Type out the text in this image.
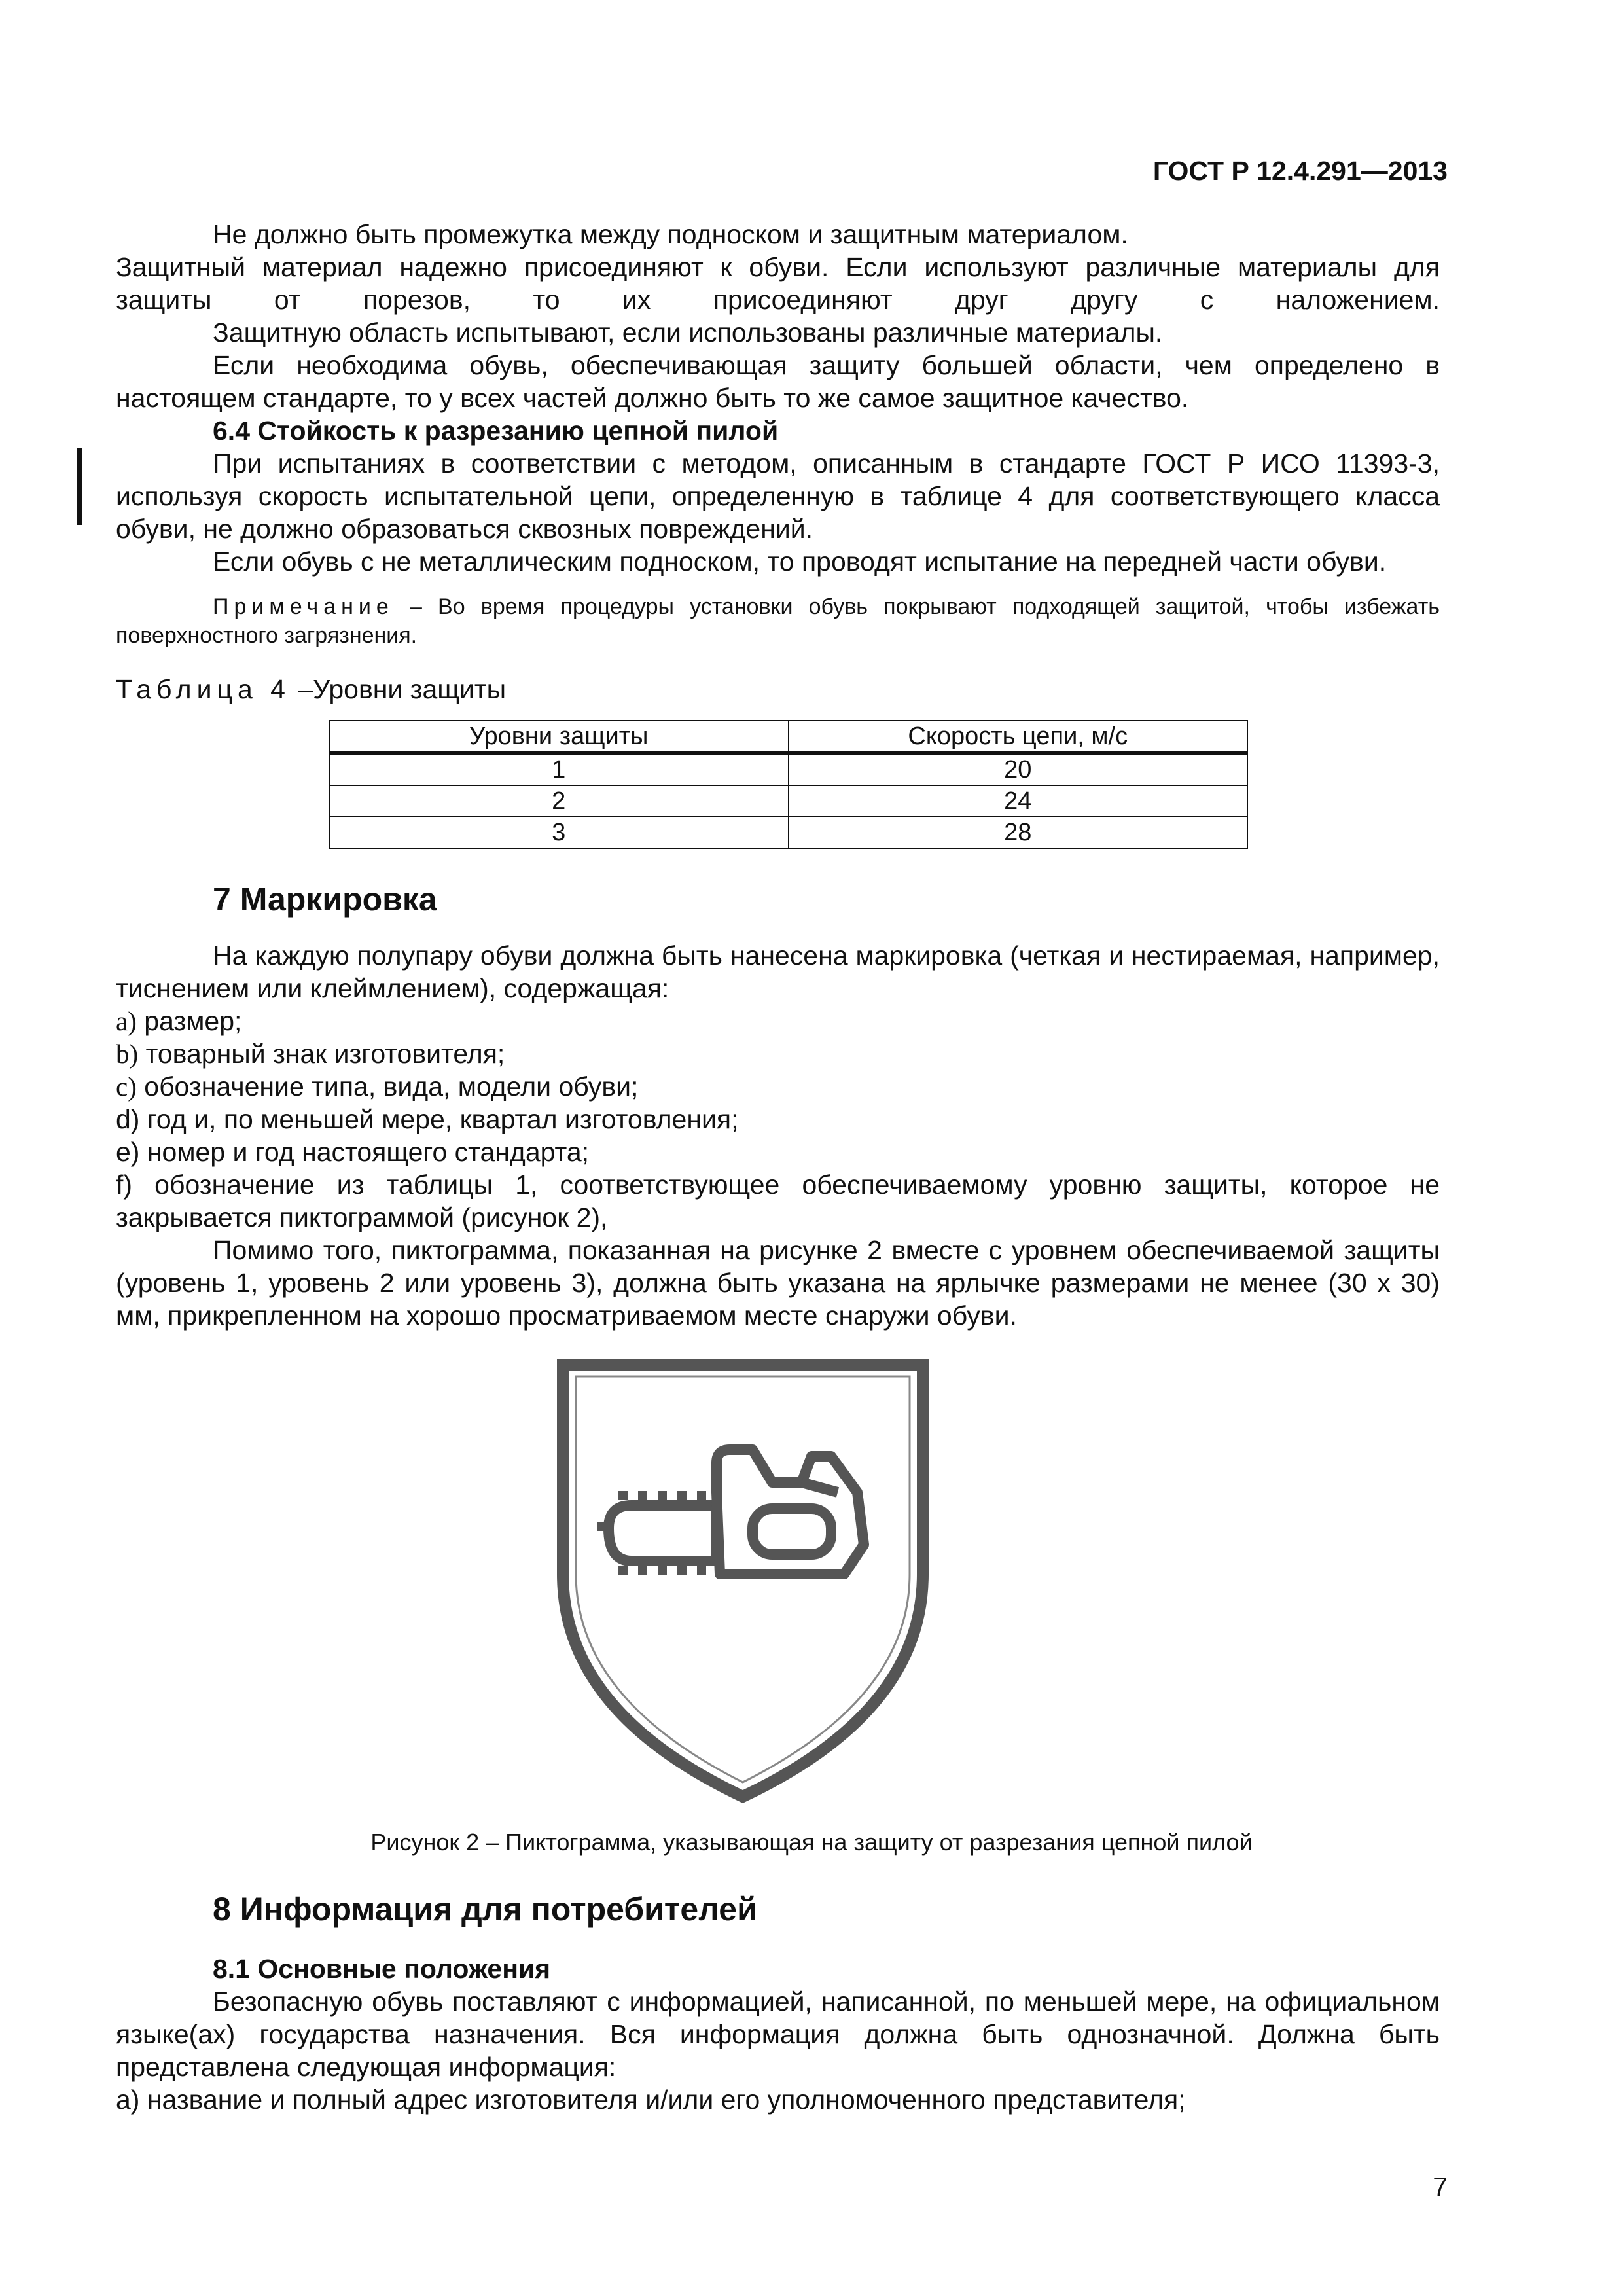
ГОСТ Р 12.4.291—2013

Не должно быть промежутка между подноском и защитным материалом.

Защитный материал надежно присоединяют к обуви. Если используют различные материалы для защиты от порезов, то их присоединяют друг другу с наложением.

Защитную область испытывают, если использованы различные материалы.

Если необходима обувь, обеспечивающая защиту большей области, чем определено в настоящем стандарте, то у всех частей должно быть то же самое защитное качество.

6.4 Стойкость к разрезанию цепной пилой

При испытаниях в соответствии с методом, описанным в стандарте ГОСТ Р ИСО 11393-3, используя скорость испытательной цепи, определенную в таблице 4 для соответствующего класса обуви, не должно образоваться сквозных повреждений.

Если обувь с не металлическим подноском, то проводят испытание на передней части обуви.

Примечание – Во время процедуры установки обувь покрывают подходящей защитой, чтобы избежать поверхностного загрязнения.
Таблица 4 –Уровни защиты
Уровни защиты	Скорость цепи, м/с
1	20
2	24
3	28
7 Маркировка

На каждую полупару обуви должна быть нанесена маркировка (четкая и нестираемая, например, тиснением или клеймлением), содержащая:

а) размер;
b) товарный знак изготовителя;
с) обозначение типа, вида, модели обуви;
d) год и, по меньшей мере, квартал изготовления;
е) номер и год настоящего стандарта;
f) обозначение из таблицы 1, соответствующее обеспечиваемому уровню защиты, которое не закрывается пиктограммой (рисунок 2),

Помимо того, пиктограмма, показанная на рисунке 2 вместе с уровнем обеспечиваемой защиты (уровень 1, уровень 2 или уровень 3), должна быть указана на ярлычке размерами не менее (30 x 30) мм, прикрепленном на хорошо просматриваемом месте снаружи обуви.

Рисунок 2 – Пиктограмма, указывающая на защиту от разрезания цепной пилой
8 Информация для потребителей
8.1 Основные положения

Безопасную обувь поставляют с информацией, написанной, по меньшей мере, на официальном языке(ах) государства назначения. Вся информация должна быть однозначной. Должна быть представлена следующая информация:

а) название и полный адрес изготовителя и/или его уполномоченного представителя;
7
